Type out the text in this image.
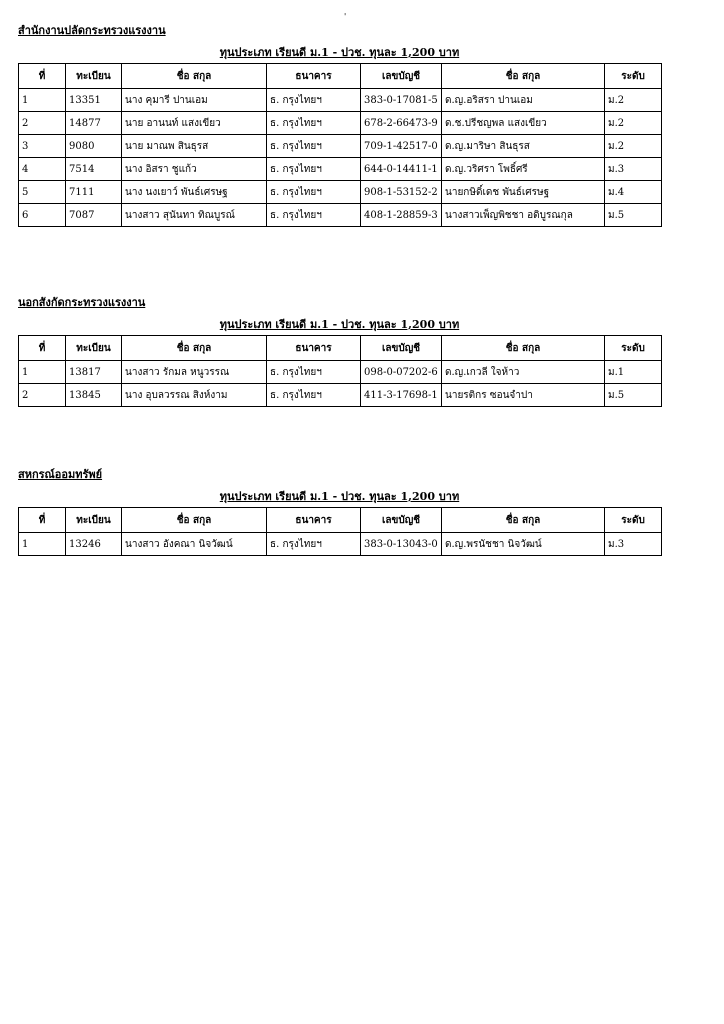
'
สำนักงานปลัดกระทรวงแรงงาน
ทุนประเภท เรียนดี ม.1 - ปวช. ทุนละ 1,200 บาท
ที่	ทะเบียน	ชื่อ สกุล	ธนาคาร	เลขบัญชี	ชื่อ สกุล	ระดับ
1	13351	นาง คุมารี ปานเอม	ธ. กรุงไทยฯ	383-0-17081-5	ด.ญ.อริสรา ปานเอม	ม.2
2	14877	นาย อานนท์ แสงเขียว	ธ. กรุงไทยฯ	678-2-66473-9	ด.ช.ปรีชญพล แสงเขียว	ม.2
3	9080	นาย มาณพ สินธุรส	ธ. กรุงไทยฯ	709-1-42517-0	ด.ญ.มาริษา สินธุรส	ม.2
4	7514	นาง อิสรา ชูแก้ว	ธ. กรุงไทยฯ	644-0-14411-1	ด.ญ.วริศรา โพธิ์ศรี	ม.3
5	7111	นาง นงเยาว์ พันธ์เศรษฐ	ธ. กรุงไทยฯ	908-1-53152-2	นายกษิดิ์เดช พันธ์เศรษฐ	ม.4
6	7087	นางสาว สุนันทา ทิณบูรณ์	ธ. กรุงไทยฯ	408-1-28859-3	นางสาวเพ็ญพิชชา อดิบูรณกุล	ม.5
นอกสังกัดกระทรวงแรงงาน
ทุนประเภท เรียนดี ม.1 - ปวช. ทุนละ 1,200 บาท
ที่	ทะเบียน	ชื่อ สกุล	ธนาคาร	เลขบัญชี	ชื่อ สกุล	ระดับ
1	13817	นางสาว รักมล หนูวรรณ	ธ. กรุงไทยฯ	098-0-07202-6	ด.ญ.เกวลี ใจห้าว	ม.1
2	13845	นาง อุบลวรรณ สิงห์งาม	ธ. กรุงไทยฯ	411-3-17698-1	นายรติกร ซอนจำปา	ม.5
สหกรณ์ออมทรัพย์
ทุนประเภท เรียนดี ม.1 - ปวช. ทุนละ 1,200 บาท
ที่	ทะเบียน	ชื่อ สกุล	ธนาคาร	เลขบัญชี	ชื่อ สกุล	ระดับ
1	13246	นางสาว อังคณา นิจวัฒน์	ธ. กรุงไทยฯ	383-0-13043-0	ด.ญ.พรนัชชา นิจวัฒน์	ม.3
